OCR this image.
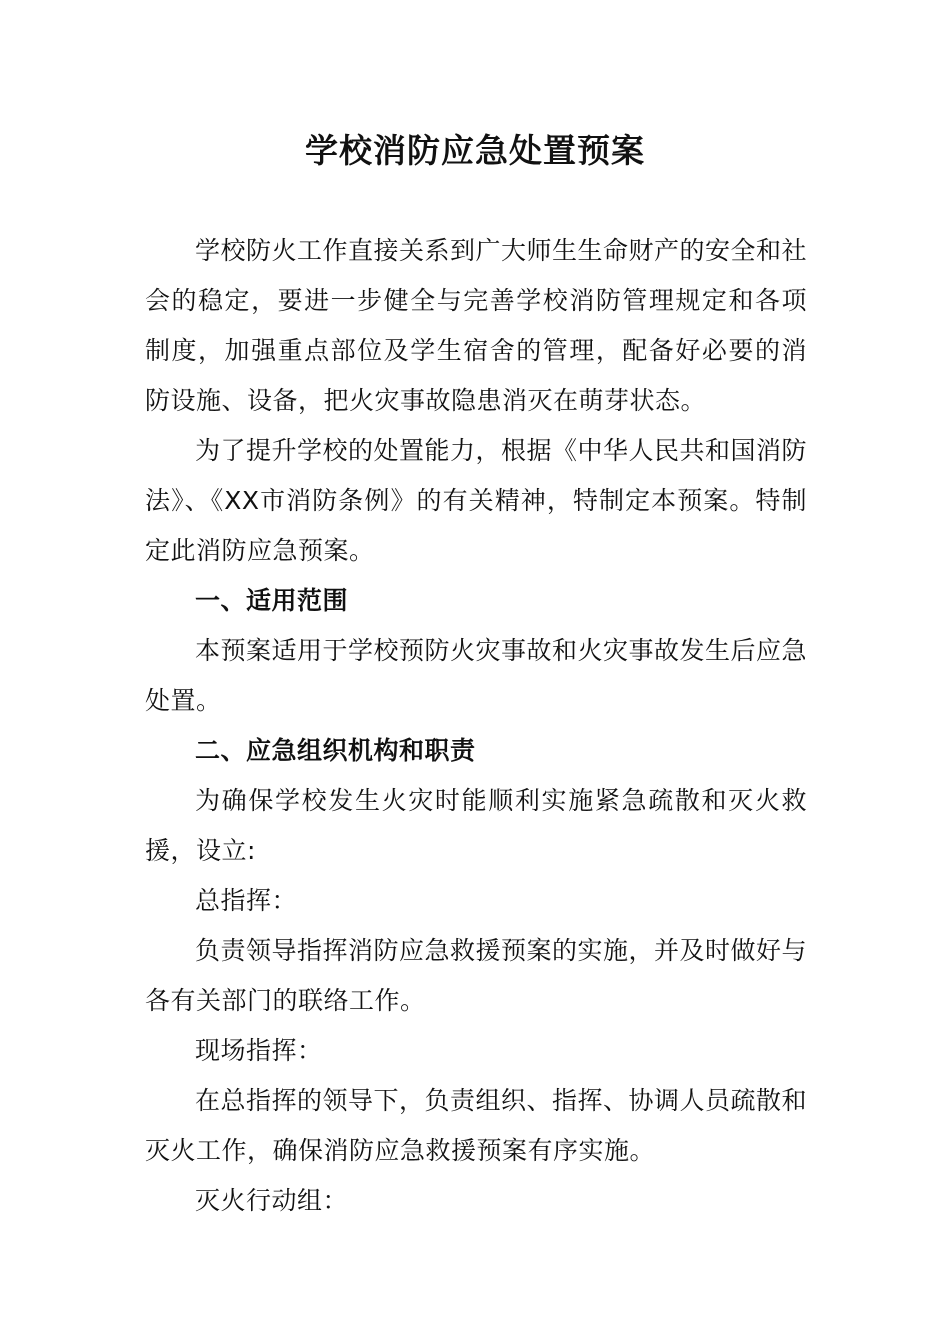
学校消防应急处置预案

学校防火工作直接关系到广大师生生命财产的安全和社会的稳定，要进一步健全与完善学校消防管理规定和各项制度，加强重点部位及学生宿舍的管理，配备好必要的消防设施、设备，把火灾事故隐患消灭在萌芽状态。

为了提升学校的处置能力，根据《中华人民共和国消防法》、《XX市消防条例》的有关精神，特制定本预案。特制定此消防应急预案。

一、适用范围

本预案适用于学校预防火灾事故和火灾事故发生后应急处置。

二、应急组织机构和职责

为确保学校发生火灾时能顺利实施紧急疏散和灭火救援，设立:

总指挥：

负责领导指挥消防应急救援预案的实施，并及时做好与各有关部门的联络工作。

现场指挥：

在总指挥的领导下，负责组织、指挥、协调人员疏散和灭火工作，确保消防应急救援预案有序实施。

灭火行动组：
